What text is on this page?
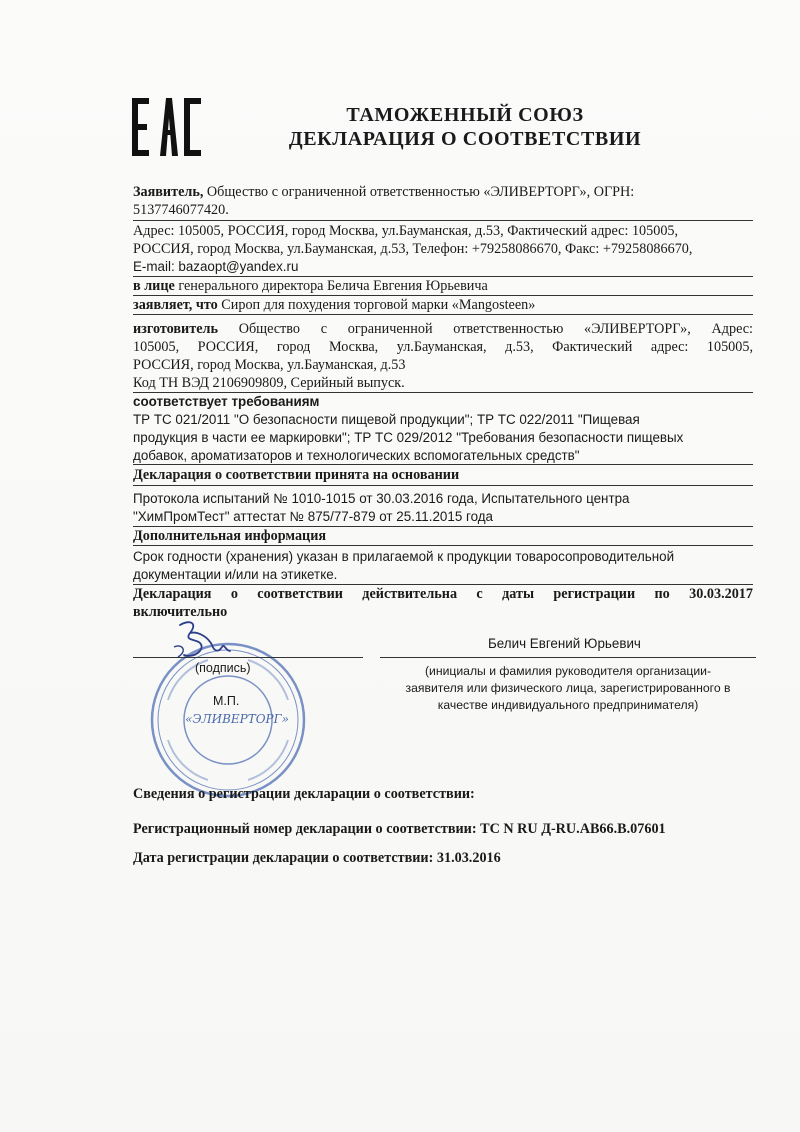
ТАМОЖЕННЫЙ СОЮЗ
ДЕКЛАРАЦИЯ О СООТВЕТСТВИИ
Заявитель, Общество с ограниченной ответственностью «ЭЛИВЕРТОРГ», ОГРН:
5137746077420.
Адрес: 105005, РОССИЯ, город Москва, ул.Бауманская, д.53, Фактический адрес: 105005,
РОССИЯ, город Москва, ул.Бауманская, д.53, Телефон: +79258086670, Факс: +79258086670,
E-mail: bazaopt@yandex.ru
в лице генерального директора Белича Евгения Юрьевича
заявляет, что Сироп для похудения торговой марки «Mangosteen»
изготовитель Общество с ограниченной ответственностью «ЭЛИВЕРТОРГ», Адрес:
105005, РОССИЯ, город Москва, ул.Бауманская, д.53, Фактический адрес: 105005,
РОССИЯ, город Москва, ул.Бауманская, д.53
Код ТН ВЭД 2106909809, Серийный выпуск.
соответствует требованиям
ТР ТС 021/2011 "О безопасности пищевой продукции"; ТР ТС 022/2011 "Пищевая
продукция в части ее маркировки"; ТР ТС 029/2012 "Требования безопасности пищевых
добавок, ароматизаторов и технологических вспомогательных средств"
Декларация о соответствии принята на основании
Протокола испытаний № 1010-1015 от 30.03.2016 года, Испытательного центра
"ХимПромТест" аттестат № 875/77-879 от 25.11.2015 года
Дополнительная информация
Срок годности (хранения) указан в прилагаемой к продукции товаросопроводительной
документации и/или на этикетке.
Декларация о соответствии действительна с даты регистрации по 30.03.2017
включительно
«ЭЛИВЕРТОРГ»
(подпись)
М.П.
Белич Евгений Юрьевич
(инициалы и фамилия руководителя организации-
заявителя или физического лица, зарегистрированного в
качестве индивидуального предпринимателя)
Сведения о регистрации декларации о соответствии:
Регистрационный номер декларации о соответствии: ТС N RU Д-RU.АВ66.В.07601
Дата регистрации декларации о соответствии: 31.03.2016
